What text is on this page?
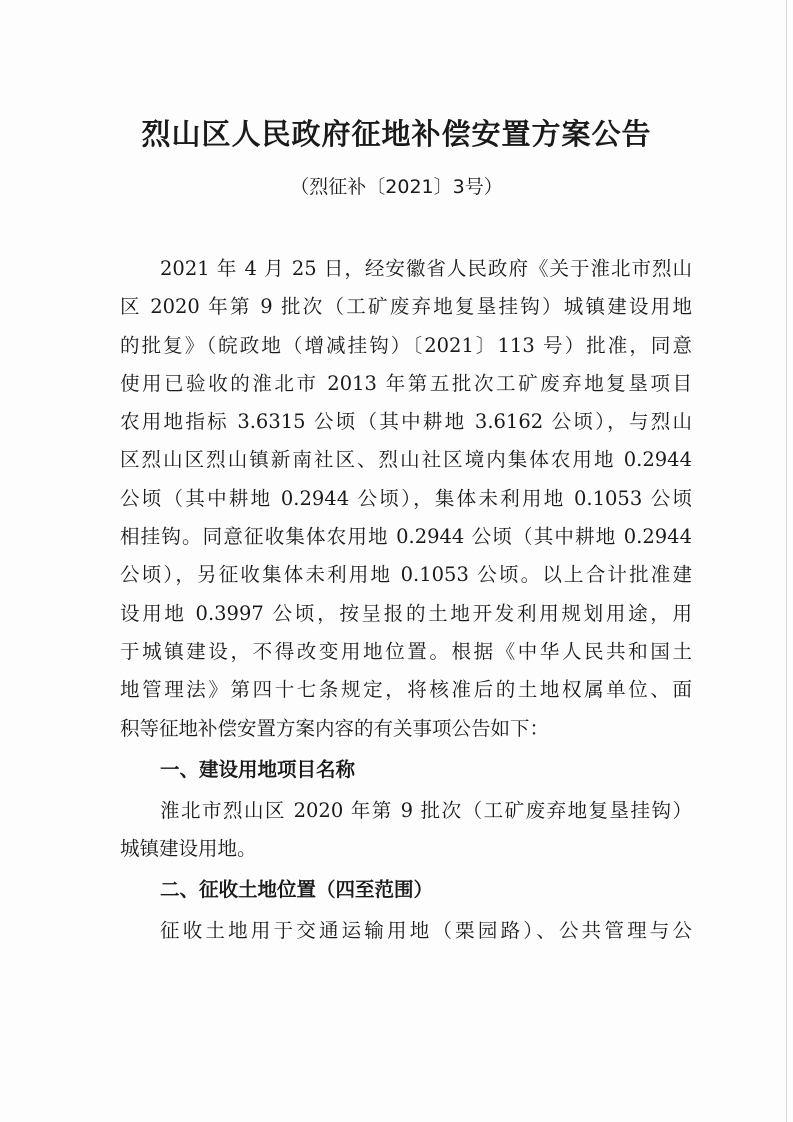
烈山区人民政府征地补偿安置方案公告
（烈征补〔2021〕3号）
2021 年 4 月 25 日，经安徽省人民政府《关于淮北市烈山
区 2020 年第 9 批次（工矿废弃地复垦挂钩）城镇建设用地
的批复》（皖政地（增减挂钩）〔2021〕113 号）批准，同意
使用已验收的淮北市 2013 年第五批次工矿废弃地复垦项目
农用地指标 3.6315 公顷（其中耕地 3.6162 公顷），与烈山
区烈山区烈山镇新南社区、烈山社区境内集体农用地 0.2944
公顷（其中耕地 0.2944 公顷），集体未利用地 0.1053 公顷
相挂钩。同意征收集体农用地 0.2944 公顷（其中耕地 0.2944
公顷），另征收集体未利用地 0.1053 公顷。以上合计批准建
设用地 0.3997 公顷，按呈报的土地开发利用规划用途，用
于城镇建设，不得改变用地位置。根据《中华人民共和国土
地管理法》第四十七条规定，将核准后的土地权属单位、面
积等征地补偿安置方案内容的有关事项公告如下：
一、建设用地项目名称
淮北市烈山区 2020 年第 9 批次（工矿废弃地复垦挂钩）
城镇建设用地。
二、征收土地位置（四至范围）
征收土地用于交通运输用地（栗园路）、公共管理与公
